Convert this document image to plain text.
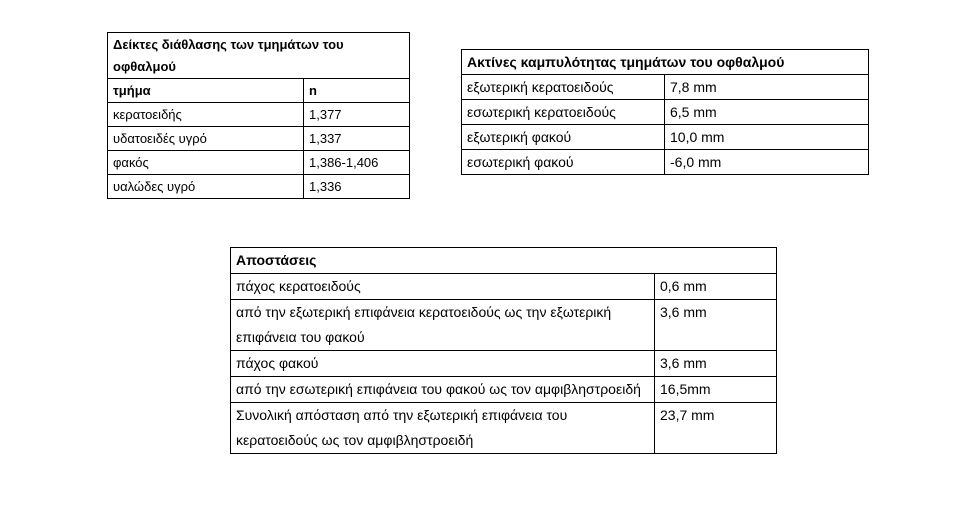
Δείκτες διάθλασης των τμημάτων του οφθαλμού	
τμήμα	n
κερατοειδής	1,377
υδατοειδές υγρό	1,337
φακός	1,386-1,406
υαλώδες υγρό	1,336
Ακτίνες καμπυλότητας τμημάτων του οφθαλμού	
εξωτερική κερατοειδούς	7,8 mm
εσωτερική κερατοειδούς	6,5 mm
εξωτερική φακού	10,0 mm
εσωτερική φακού	-6,0 mm
Αποστάσεις	
πάχος κερατοειδούς	0,6 mm
από την εξωτερική επιφάνεια κερατοειδούς ως την εξωτερική επιφάνεια του φακού	3,6 mm
πάχος φακού	3,6 mm
από την εσωτερική επιφάνεια του φακού ως τον αμφιβληστροειδή	16,5mm
Συνολική απόσταση από την εξωτερική επιφάνεια του κερατοειδούς ως τον αμφιβληστροειδή	23,7 mm
